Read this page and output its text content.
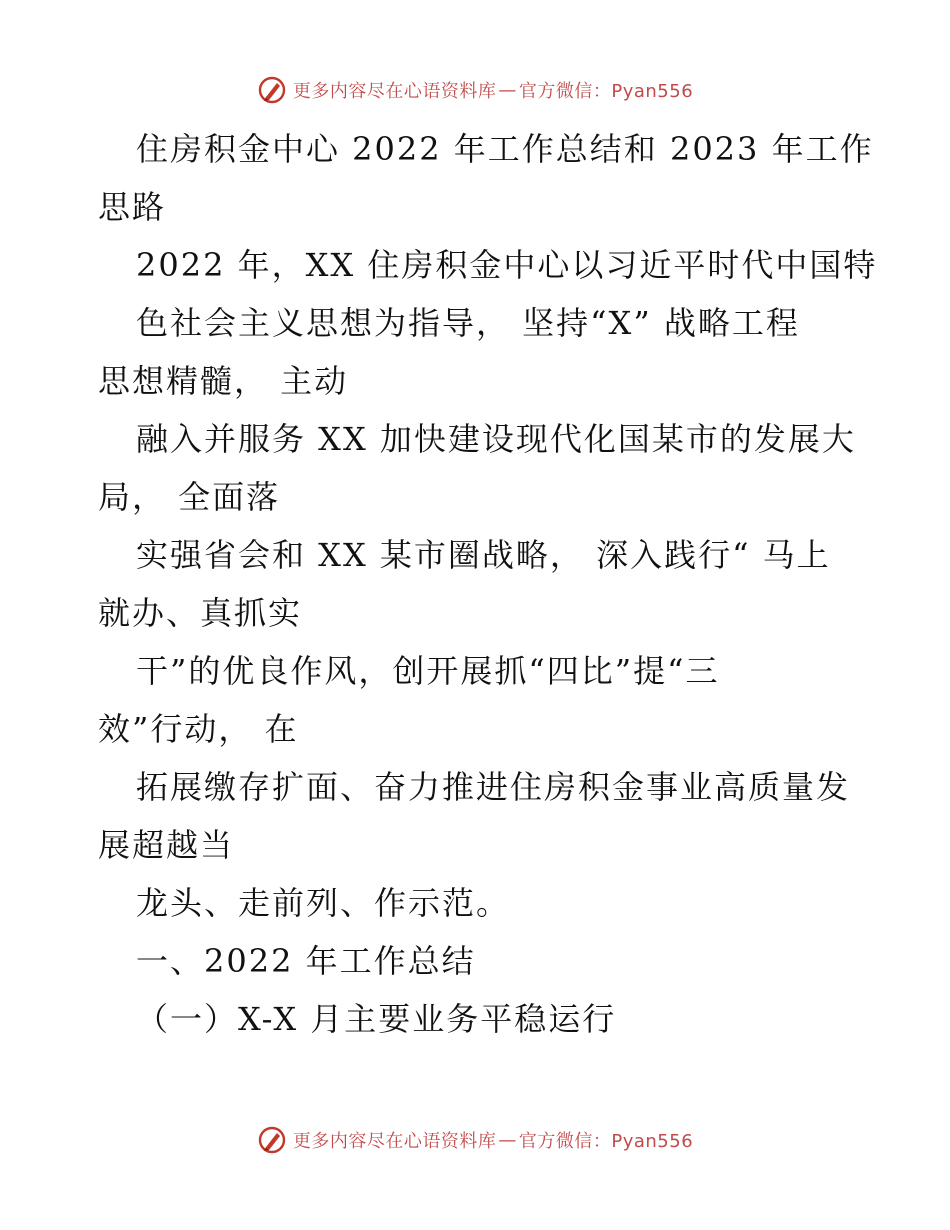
更多内容尽在心语资料库 — 官方微信：Pyan556
住房积金中心 2022 年工作总结和 2023 年工作
思路
2022 年，XX 住房积金中心以习近平时代中国特
色社会主义思想为指导， 坚持“X” 战略工程
思想精髓， 主动
融入并服务 XX 加快建设现代化国某市的发展大
局， 全面落
实强省会和 XX 某市圈战略， 深入践行“ 马上
就办、真抓实
干”的优良作风，创开展抓“四比”提“三
效”行动， 在
拓展缴存扩面、奋力推进住房积金事业高质量发
展超越当
龙头、走前列、作示范。
一、2022 年工作总结
（一）X-X 月主要业务平稳运行
更多内容尽在心语资料库 — 官方微信：Pyan556
